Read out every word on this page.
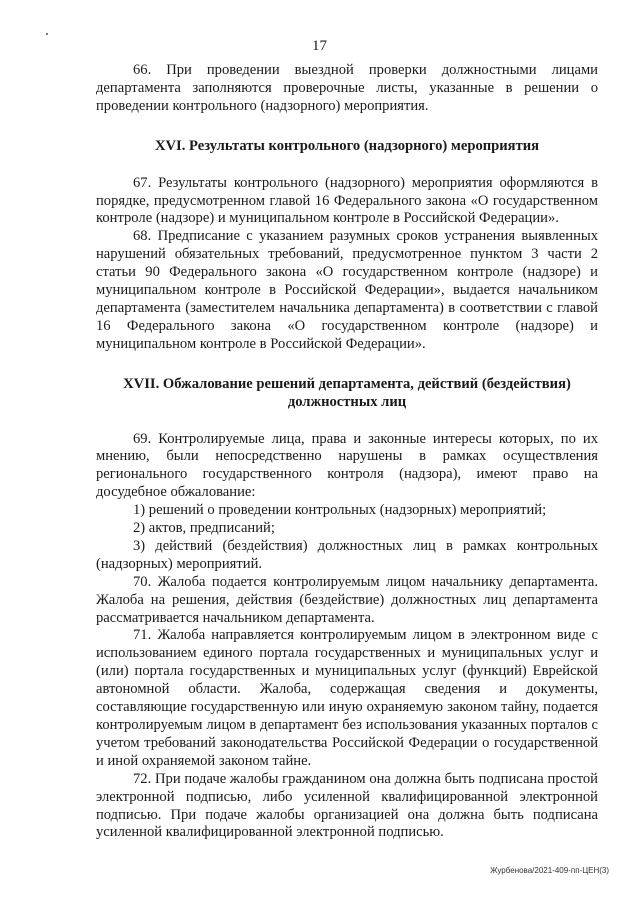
17

66. При проведении выездной проверки должностными лицами департамента заполняются проверочные листы, указанные в решении о проведении контрольного (надзорного) мероприятия.

XVI. Результаты контрольного (надзорного) мероприятия

67. Результаты контрольного (надзорного) мероприятия оформляются в порядке, предусмотренном главой 16 Федерального закона «О государственном контроле (надзоре) и муниципальном контроле в Российской Федерации».

68. Предписание с указанием разумных сроков устранения выявленных нарушений обязательных требований, предусмотренное пунктом 3 части 2 статьи 90 Федерального закона «О государственном контроле (надзоре) и муниципальном контроле в Российской Федерации», выдается начальником департамента (заместителем начальника департамента) в соответствии с главой 16 Федерального закона «О государственном контроле (надзоре) и муниципальном контроле в Российской Федерации».

XVII. Обжалование решений департамента, действий (бездействия)
должностных лиц

69. Контролируемые лица, права и законные интересы которых, по их мнению, были непосредственно нарушены в рамках осуществления регионального государственного контроля (надзора), имеют право на досудебное обжалование:

1) решений о проведении контрольных (надзорных) мероприятий;

2) актов, предписаний;

3) действий (бездействия) должностных лиц в рамках контрольных (надзорных) мероприятий.

70. Жалоба подается контролируемым лицом начальнику департамента. Жалоба на решения, действия (бездействие) должностных лиц департамента рассматривается начальником департамента.

71. Жалоба направляется контролируемым лицом в электронном виде с использованием единого портала государственных и муниципальных услуг и (или) портала государственных и муниципальных услуг (функций) Еврейской автономной области. Жалоба, содержащая сведения и документы, составляющие государственную или иную охраняемую законом тайну, подается контролируемым лицом в департамент без использования указанных порталов с учетом требований законодательства Российской Федерации о государственной и иной охраняемой законом тайне.

72. При подаче жалобы гражданином она должна быть подписана простой электронной подписью, либо усиленной квалифицированной электронной подписью. При подаче жалобы организацией она должна быть подписана усиленной квалифицированной электронной подписью.

Журбенова/2021-409-пп-ЦЕН(3)
